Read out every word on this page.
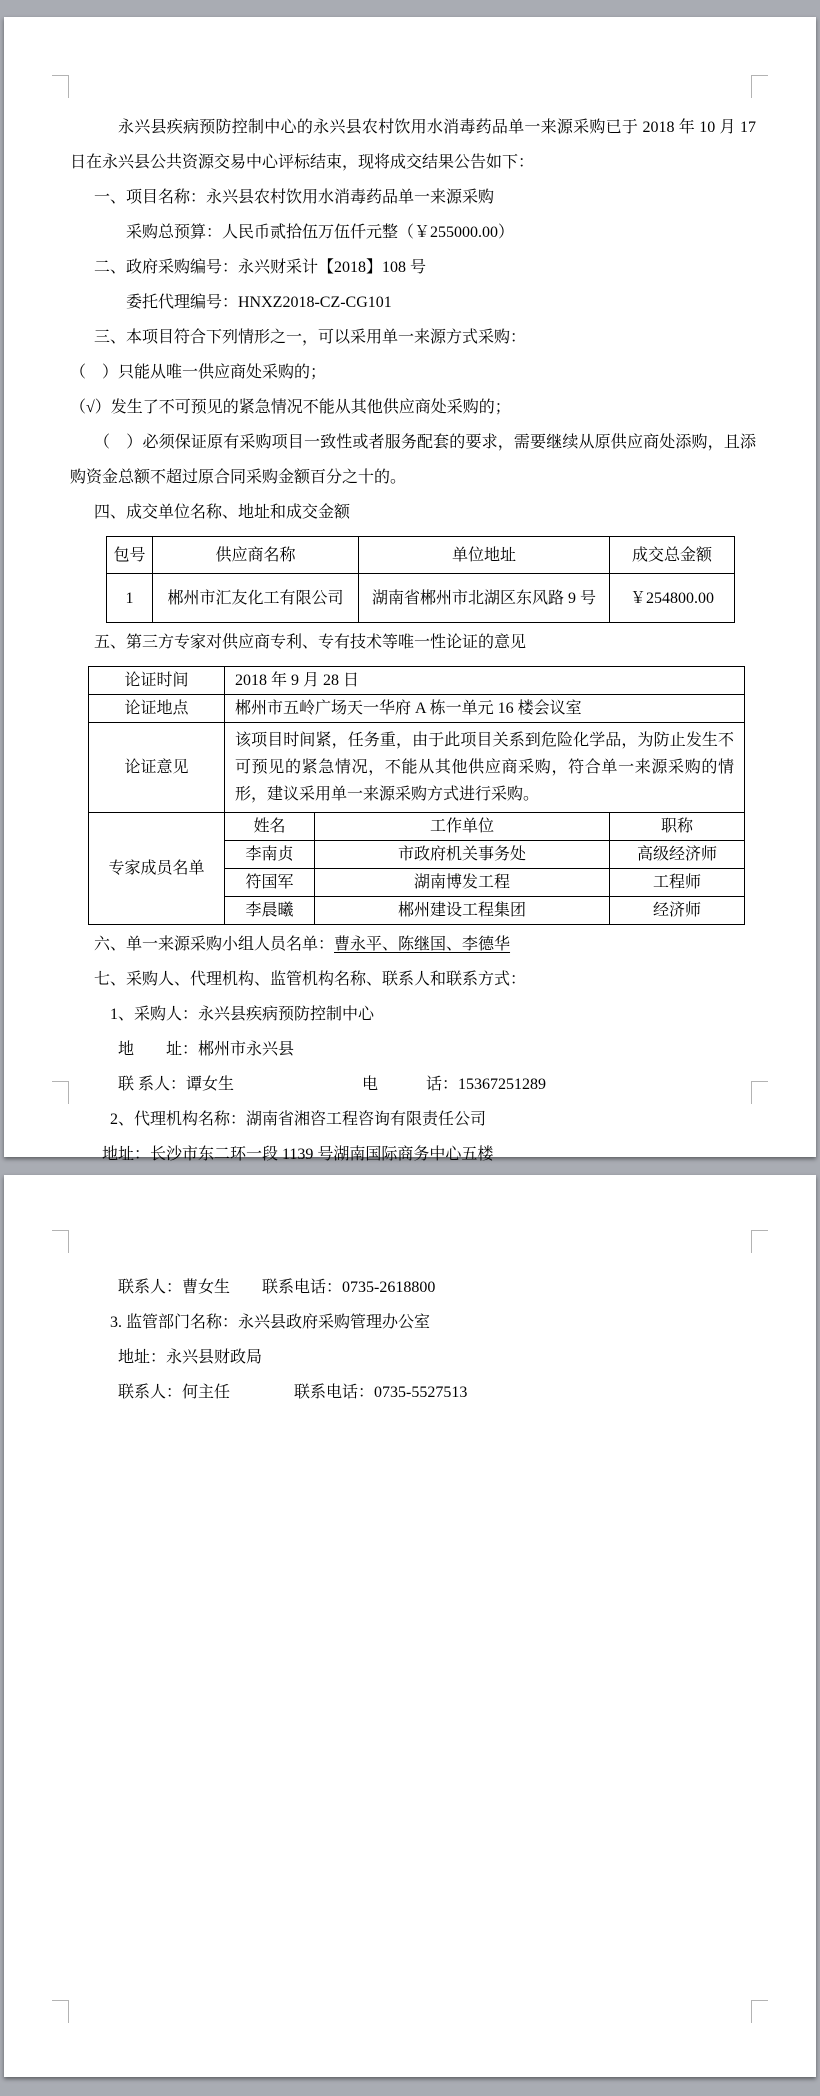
永兴县疾病预防控制中心的永兴县农村饮用水消毒药品单一来源采购已于 2018 年 10 月 17 日在永兴县公共资源交易中心评标结束，现将成交结果公告如下：

一、项目名称：永兴县农村饮用水消毒药品单一来源采购

采购总预算：人民币贰拾伍万伍仟元整（￥255000.00）

二、政府采购编号：永兴财采计【2018】108 号

委托代理编号：HNXZ2018-CZ-CG101

三、本项目符合下列情形之一，可以采用单一来源方式采购：

（　）只能从唯一供应商处采购的；

（√）发生了不可预见的紧急情况不能从其他供应商处采购的；

（　）必须保证原有采购项目一致性或者服务配套的要求，需要继续从原供应商处添购，且添购资金总额不超过原合同采购金额百分之十的。

四、成交单位名称、地址和成交金额

包号	供应商名称	单位地址	成交总金额
1	郴州市汇友化工有限公司	湖南省郴州市北湖区东风路 9 号	￥254800.00

五、第三方专家对供应商专利、专有技术等唯一性论证的意见

论证时间	2018 年 9 月 28 日		
论证地点	郴州市五岭广场天一华府 A 栋一单元 16 楼会议室		
论证意见	该项目时间紧，任务重，由于此项目关系到危险化学品，为防止发生不可预见的紧急情况，不能从其他供应商采购，符合单一来源采购的情形，建议采用单一来源采购方式进行采购。		
专家成员名单	姓名	工作单位	职称
	李南贞	市政府机关事务处	高级经济师
	符国军	湖南博发工程	工程师
	李晨曦	郴州建设工程集团	经济师

六、单一来源采购小组人员名单：曹永平、陈继国、李德华

七、采购人、代理机构、监管机构名称、联系人和联系方式：

1、采购人：永兴县疾病预防控制中心

地　　址：郴州市永兴县

联 系人：谭女生　　　　　　　　电　　　话：15367251289

2、代理机构名称：湖南省湘咨工程咨询有限责任公司

地址：长沙市东二环一段 1139 号湖南国际商务中心五楼

联系人：曹女生　　联系电话：0735-2618800

3. 监管部门名称：永兴县政府采购管理办公室

地址：永兴县财政局

联系人：何主任　　　　联系电话：0735-5527513
